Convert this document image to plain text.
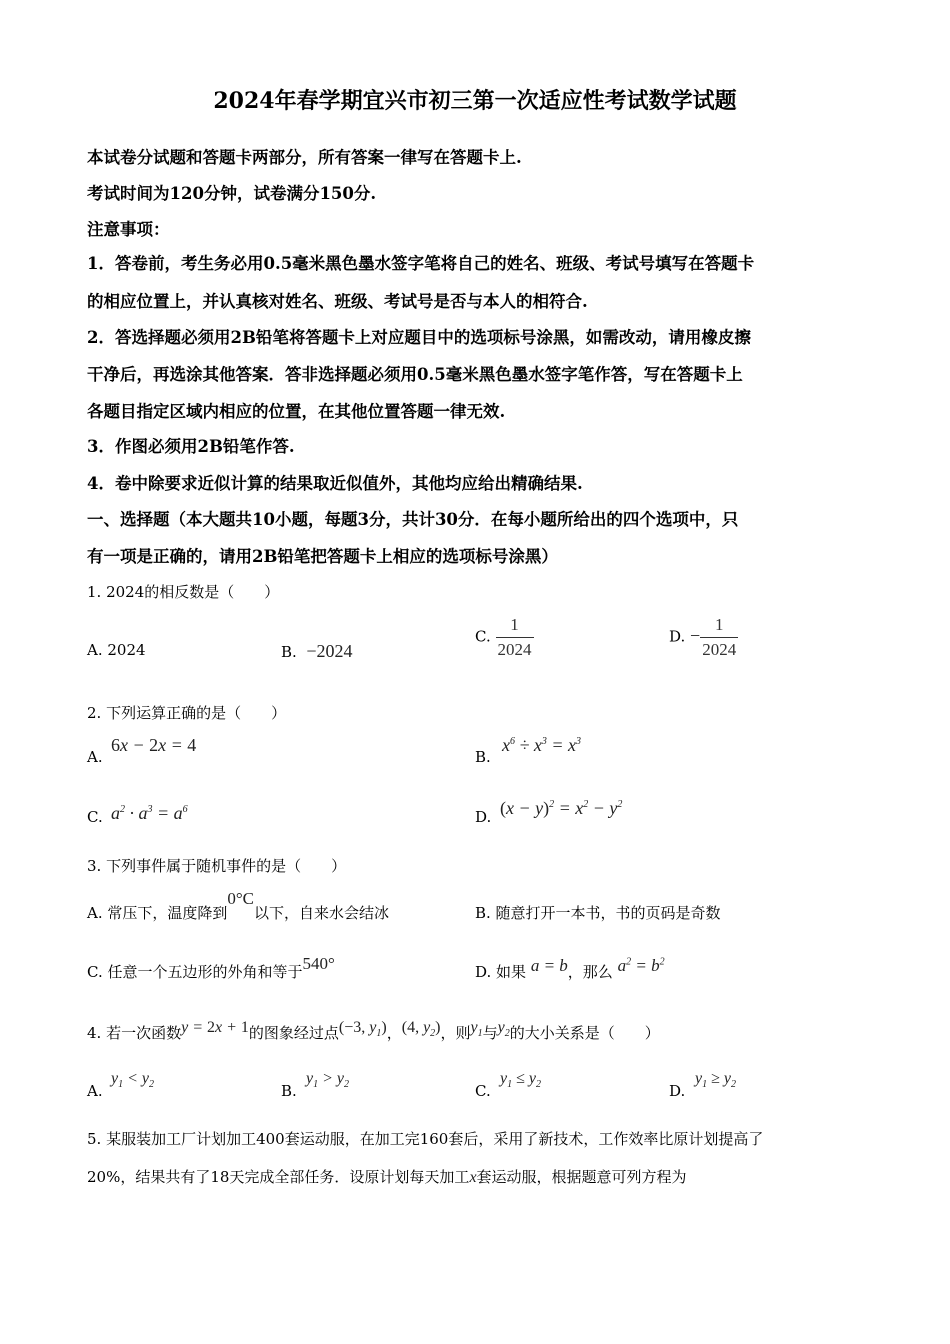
2024年春学期宜兴市初三第一次适应性考试数学试题
本试卷分试题和答题卡两部分，所有答案一律写在答题卡上.
考试时间为120分钟，试卷满分150分.
注意事项：
1．答卷前，考生务必用0.5毫米黑色墨水签字笔将自己的姓名、班级、考试号填写在答题卡
的相应位置上，并认真核对姓名、班级、考试号是否与本人的相符合.
2．答选择题必须用2B铅笔将答题卡上对应题目中的选项标号涂黑，如需改动，请用橡皮擦
干净后，再选涂其他答案．答非选择题必须用0.5毫米黑色墨水签字笔作答，写在答题卡上
各题目指定区域内相应的位置，在其他位置答题一律无效.
3．作图必须用2B铅笔作答.
4．卷中除要求近似计算的结果取近似值外，其他均应给出精确结果.
一、选择题（本大题共10小题，每题3分，共计30分．在每小题所给出的四个选项中，只
有一项是正确的，请用2B铅笔把答题卡上相应的选项标号涂黑）
1. 2024的相反数是（　　）
A. 2024	B. −2024
C. $\frac{1}{2024}$	D. − $\frac{1}{2024}$
2. 下列运算正确的是（　　）
A.
6x − 2x = 4
B.
$x^6 \div x^3 = x^3$
C. $a^2 \cdot a^3 = a^6$	D. $(x - y)^2 = x^2 - y^2$
3. 下列事件属于随机事件的是（　　）
A. 常压下，温度降到0°C以下，自来水会结冰	B. 随意打开一本书，书的页码是奇数
C. 任意一个五边形的外角和等于540°	D. 如果 a = b，那么 $a^2 = b^2$
4. 若一次函数y = 2x + 1的图象经过点(−3, $y_1$)，(4, $y_2$)，则$y_1$与$y_2$的大小关系是（　　）
A.
$y_1 < y_2$	B.
$y_1 > y_2$	C.
$y_1 \le y_2$	D.
$y_1 \ge y_2$
5. 某服装加工厂计划加工400套运动服，在加工完160套后，采用了新技术，工作效率比原计划提高了
20%，结果共有了18天完成全部任务．设原计划每天加工x套运动服，根据题意可列方程为
